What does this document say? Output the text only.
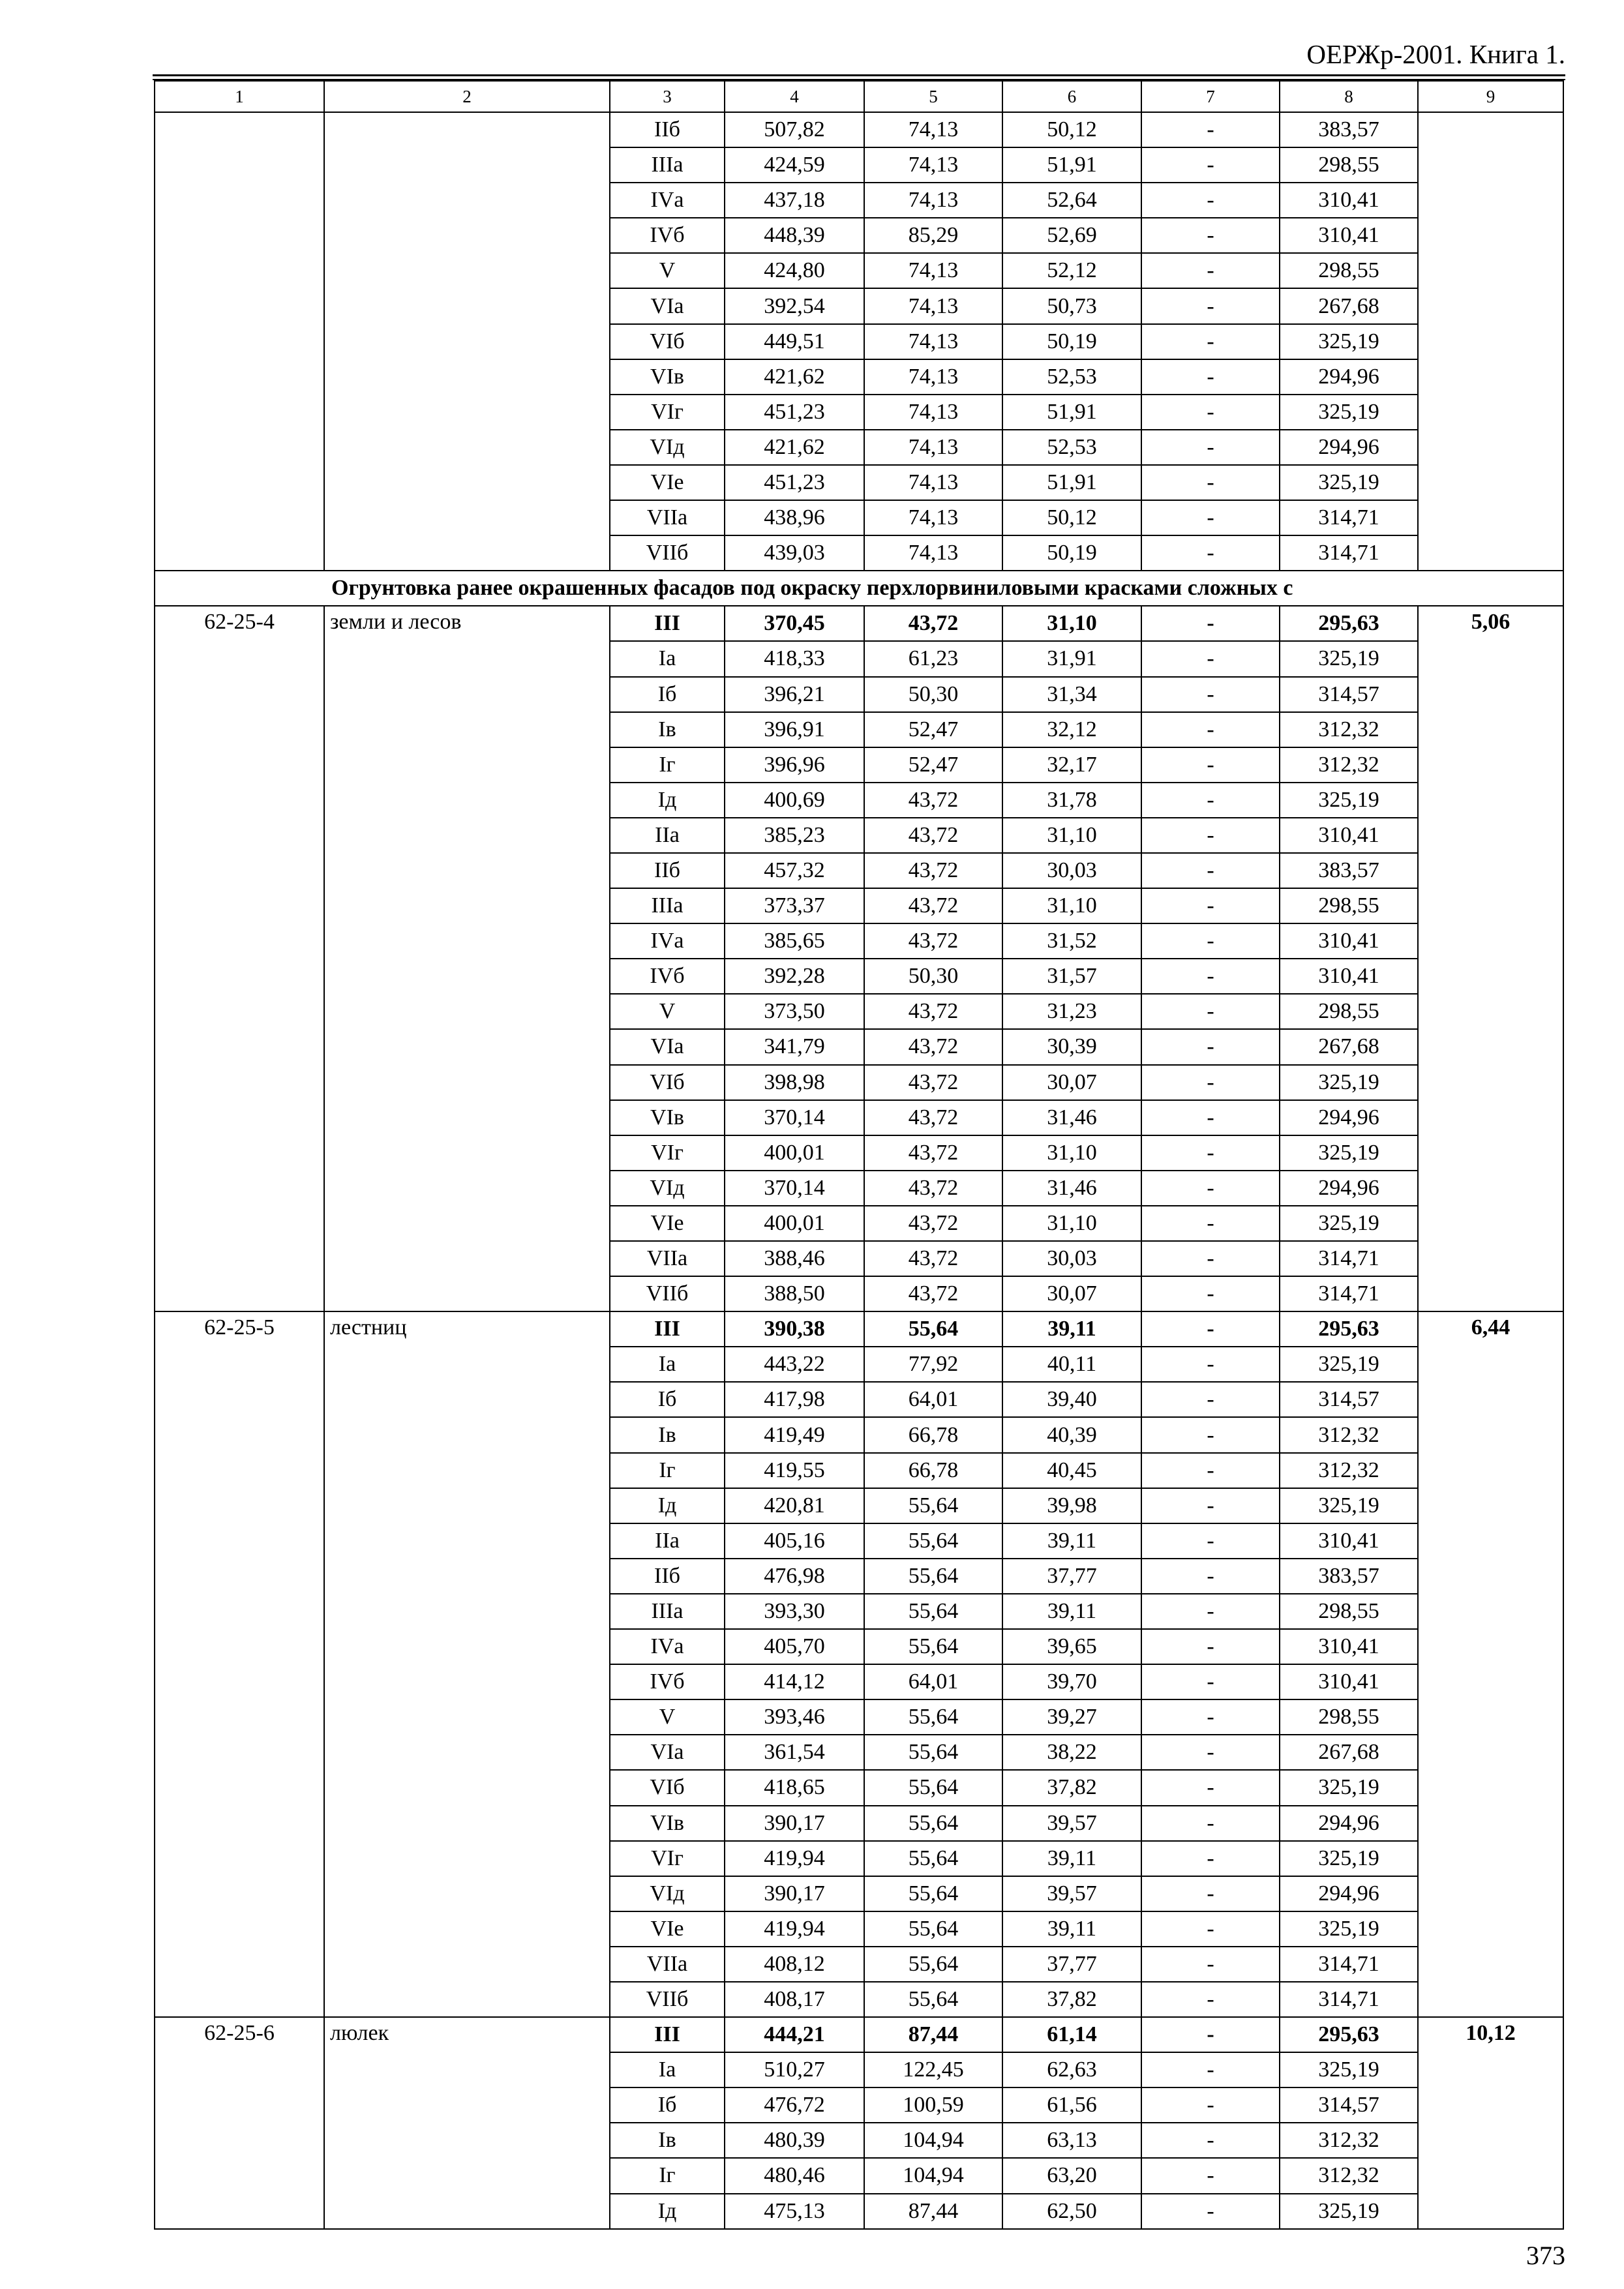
ОЕРЖр-2001. Книга 1.
1	2	3	4	5	6	7	8	9
		IIб	507,82	74,13	50,12	-	383,57	
		IIIа	424,59	74,13	51,91	-	298,55	
		IVа	437,18	74,13	52,64	-	310,41	
		IVб	448,39	85,29	52,69	-	310,41	
		V	424,80	74,13	52,12	-	298,55	
		VIа	392,54	74,13	50,73	-	267,68	
		VIб	449,51	74,13	50,19	-	325,19	
		VIв	421,62	74,13	52,53	-	294,96	
		VIг	451,23	74,13	51,91	-	325,19	
		VIд	421,62	74,13	52,53	-	294,96	
		VIе	451,23	74,13	51,91	-	325,19	
		VIIа	438,96	74,13	50,12	-	314,71	
		VIIб	439,03	74,13	50,19	-	314,71	
Огрунтовка ранее окрашенных фасадов под окраску перхлорвиниловыми красками сложных с								
62-25-4	земли и лесов	III	370,45	43,72	31,10	-	295,63	5,06
		Iа	418,33	61,23	31,91	-	325,19	
		Iб	396,21	50,30	31,34	-	314,57	
		Iв	396,91	52,47	32,12	-	312,32	
		Iг	396,96	52,47	32,17	-	312,32	
		Iд	400,69	43,72	31,78	-	325,19	
		IIа	385,23	43,72	31,10	-	310,41	
		IIб	457,32	43,72	30,03	-	383,57	
		IIIа	373,37	43,72	31,10	-	298,55	
		IVа	385,65	43,72	31,52	-	310,41	
		IVб	392,28	50,30	31,57	-	310,41	
		V	373,50	43,72	31,23	-	298,55	
		VIа	341,79	43,72	30,39	-	267,68	
		VIб	398,98	43,72	30,07	-	325,19	
		VIв	370,14	43,72	31,46	-	294,96	
		VIг	400,01	43,72	31,10	-	325,19	
		VIд	370,14	43,72	31,46	-	294,96	
		VIе	400,01	43,72	31,10	-	325,19	
		VIIа	388,46	43,72	30,03	-	314,71	
		VIIб	388,50	43,72	30,07	-	314,71	
62-25-5	лестниц	III	390,38	55,64	39,11	-	295,63	6,44
		Iа	443,22	77,92	40,11	-	325,19	
		Iб	417,98	64,01	39,40	-	314,57	
		Iв	419,49	66,78	40,39	-	312,32	
		Iг	419,55	66,78	40,45	-	312,32	
		Iд	420,81	55,64	39,98	-	325,19	
		IIа	405,16	55,64	39,11	-	310,41	
		IIб	476,98	55,64	37,77	-	383,57	
		IIIа	393,30	55,64	39,11	-	298,55	
		IVа	405,70	55,64	39,65	-	310,41	
		IVб	414,12	64,01	39,70	-	310,41	
		V	393,46	55,64	39,27	-	298,55	
		VIа	361,54	55,64	38,22	-	267,68	
		VIб	418,65	55,64	37,82	-	325,19	
		VIв	390,17	55,64	39,57	-	294,96	
		VIг	419,94	55,64	39,11	-	325,19	
		VIд	390,17	55,64	39,57	-	294,96	
		VIе	419,94	55,64	39,11	-	325,19	
		VIIа	408,12	55,64	37,77	-	314,71	
		VIIб	408,17	55,64	37,82	-	314,71	
62-25-6	люлек	III	444,21	87,44	61,14	-	295,63	10,12
		Iа	510,27	122,45	62,63	-	325,19	
		Iб	476,72	100,59	61,56	-	314,57	
		Iв	480,39	104,94	63,13	-	312,32	
		Iг	480,46	104,94	63,20	-	312,32	
		Iд	475,13	87,44	62,50	-	325,19	
373
